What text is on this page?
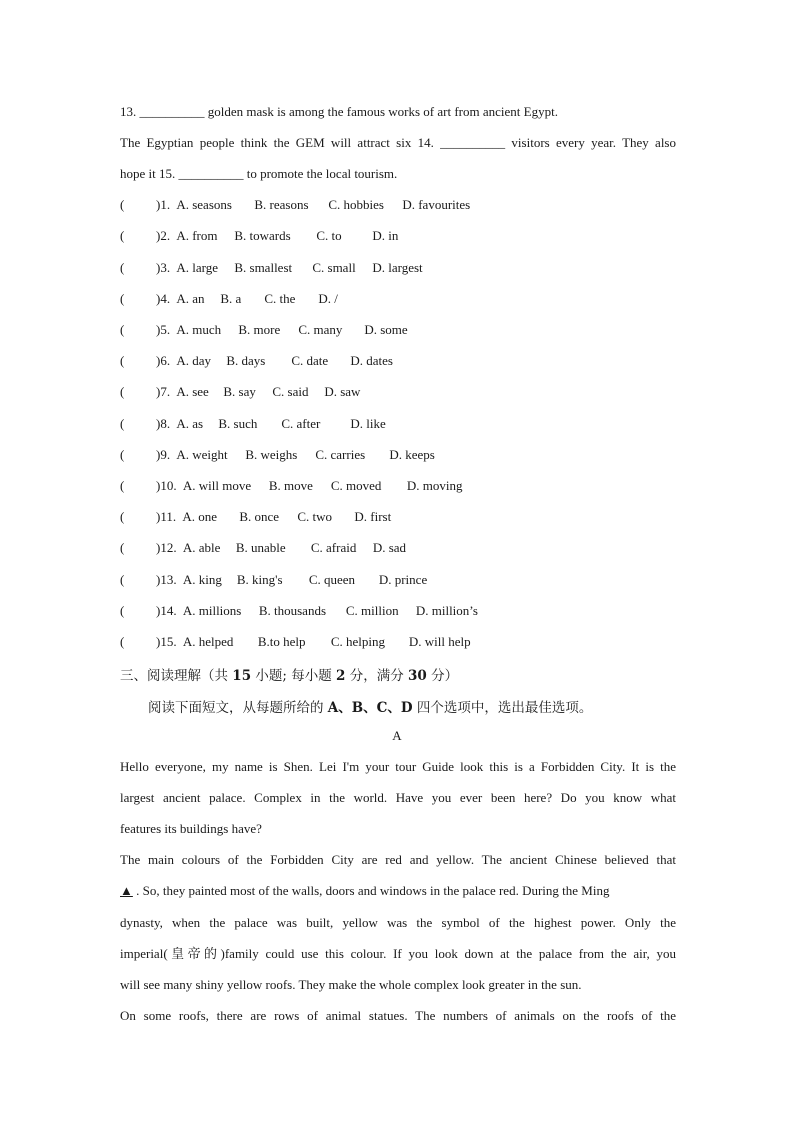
13. __________ golden mask is among the famous works of art from ancient Egypt.
The Egyptian people think the GEM will attract six 14. __________ visitors every year. They also
hope it 15. __________ to promote the local tourism.
( )1. A. seasons B. reasons C. hobbies D. favourites
( )2. A. from B. towards C. to D. in
( )3. A. large B. smallest C. small D. largest
( )4. A. an B. a C. the D. /
( )5. A. much B. more C. many D. some
( )6. A. day B. days C. date D. dates
( )7. A. see B. say C. said D. saw
( )8. A. as B. such C. after D. like
( )9. A. weight B. weighs C. carries D. keeps
( )10. A. will move B. move C. moved D. moving
( )11. A. one B. once C. two D. first
( )12. A. able B. unable C. afraid D. sad
( )13. A. king B. king's C. queen D. prince
( )14. A. millions B. thousands C. million D. million’s
( )15. A. helped B.to help C. helping D. will help
三、阅读理解（共 15 小题; 每小题 2 分，满分 30 分）
阅读下面短文，从每题所给的 A、B、C、D 四个选项中，选出最佳选项。
A
Hello everyone, my name is Shen. Lei I'm your tour Guide look this is a Forbidden City. It is the
largest ancient palace. Complex in the world. Have you ever been here? Do you know what
features its buildings have?
The main colours of the Forbidden City are red and yellow. The ancient Chinese believed that
▲ . So, they painted most of the walls, doors and windows in the palace red. During the Ming
dynasty, when the palace was built, yellow was the symbol of the highest power. Only the
imperial(皇帝的)family could use this colour. If you look down at the palace from the air, you
will see many shiny yellow roofs. They make the whole complex look greater in the sun.
On some roofs, there are rows of animal statues. The numbers of animals on the roofs of the
